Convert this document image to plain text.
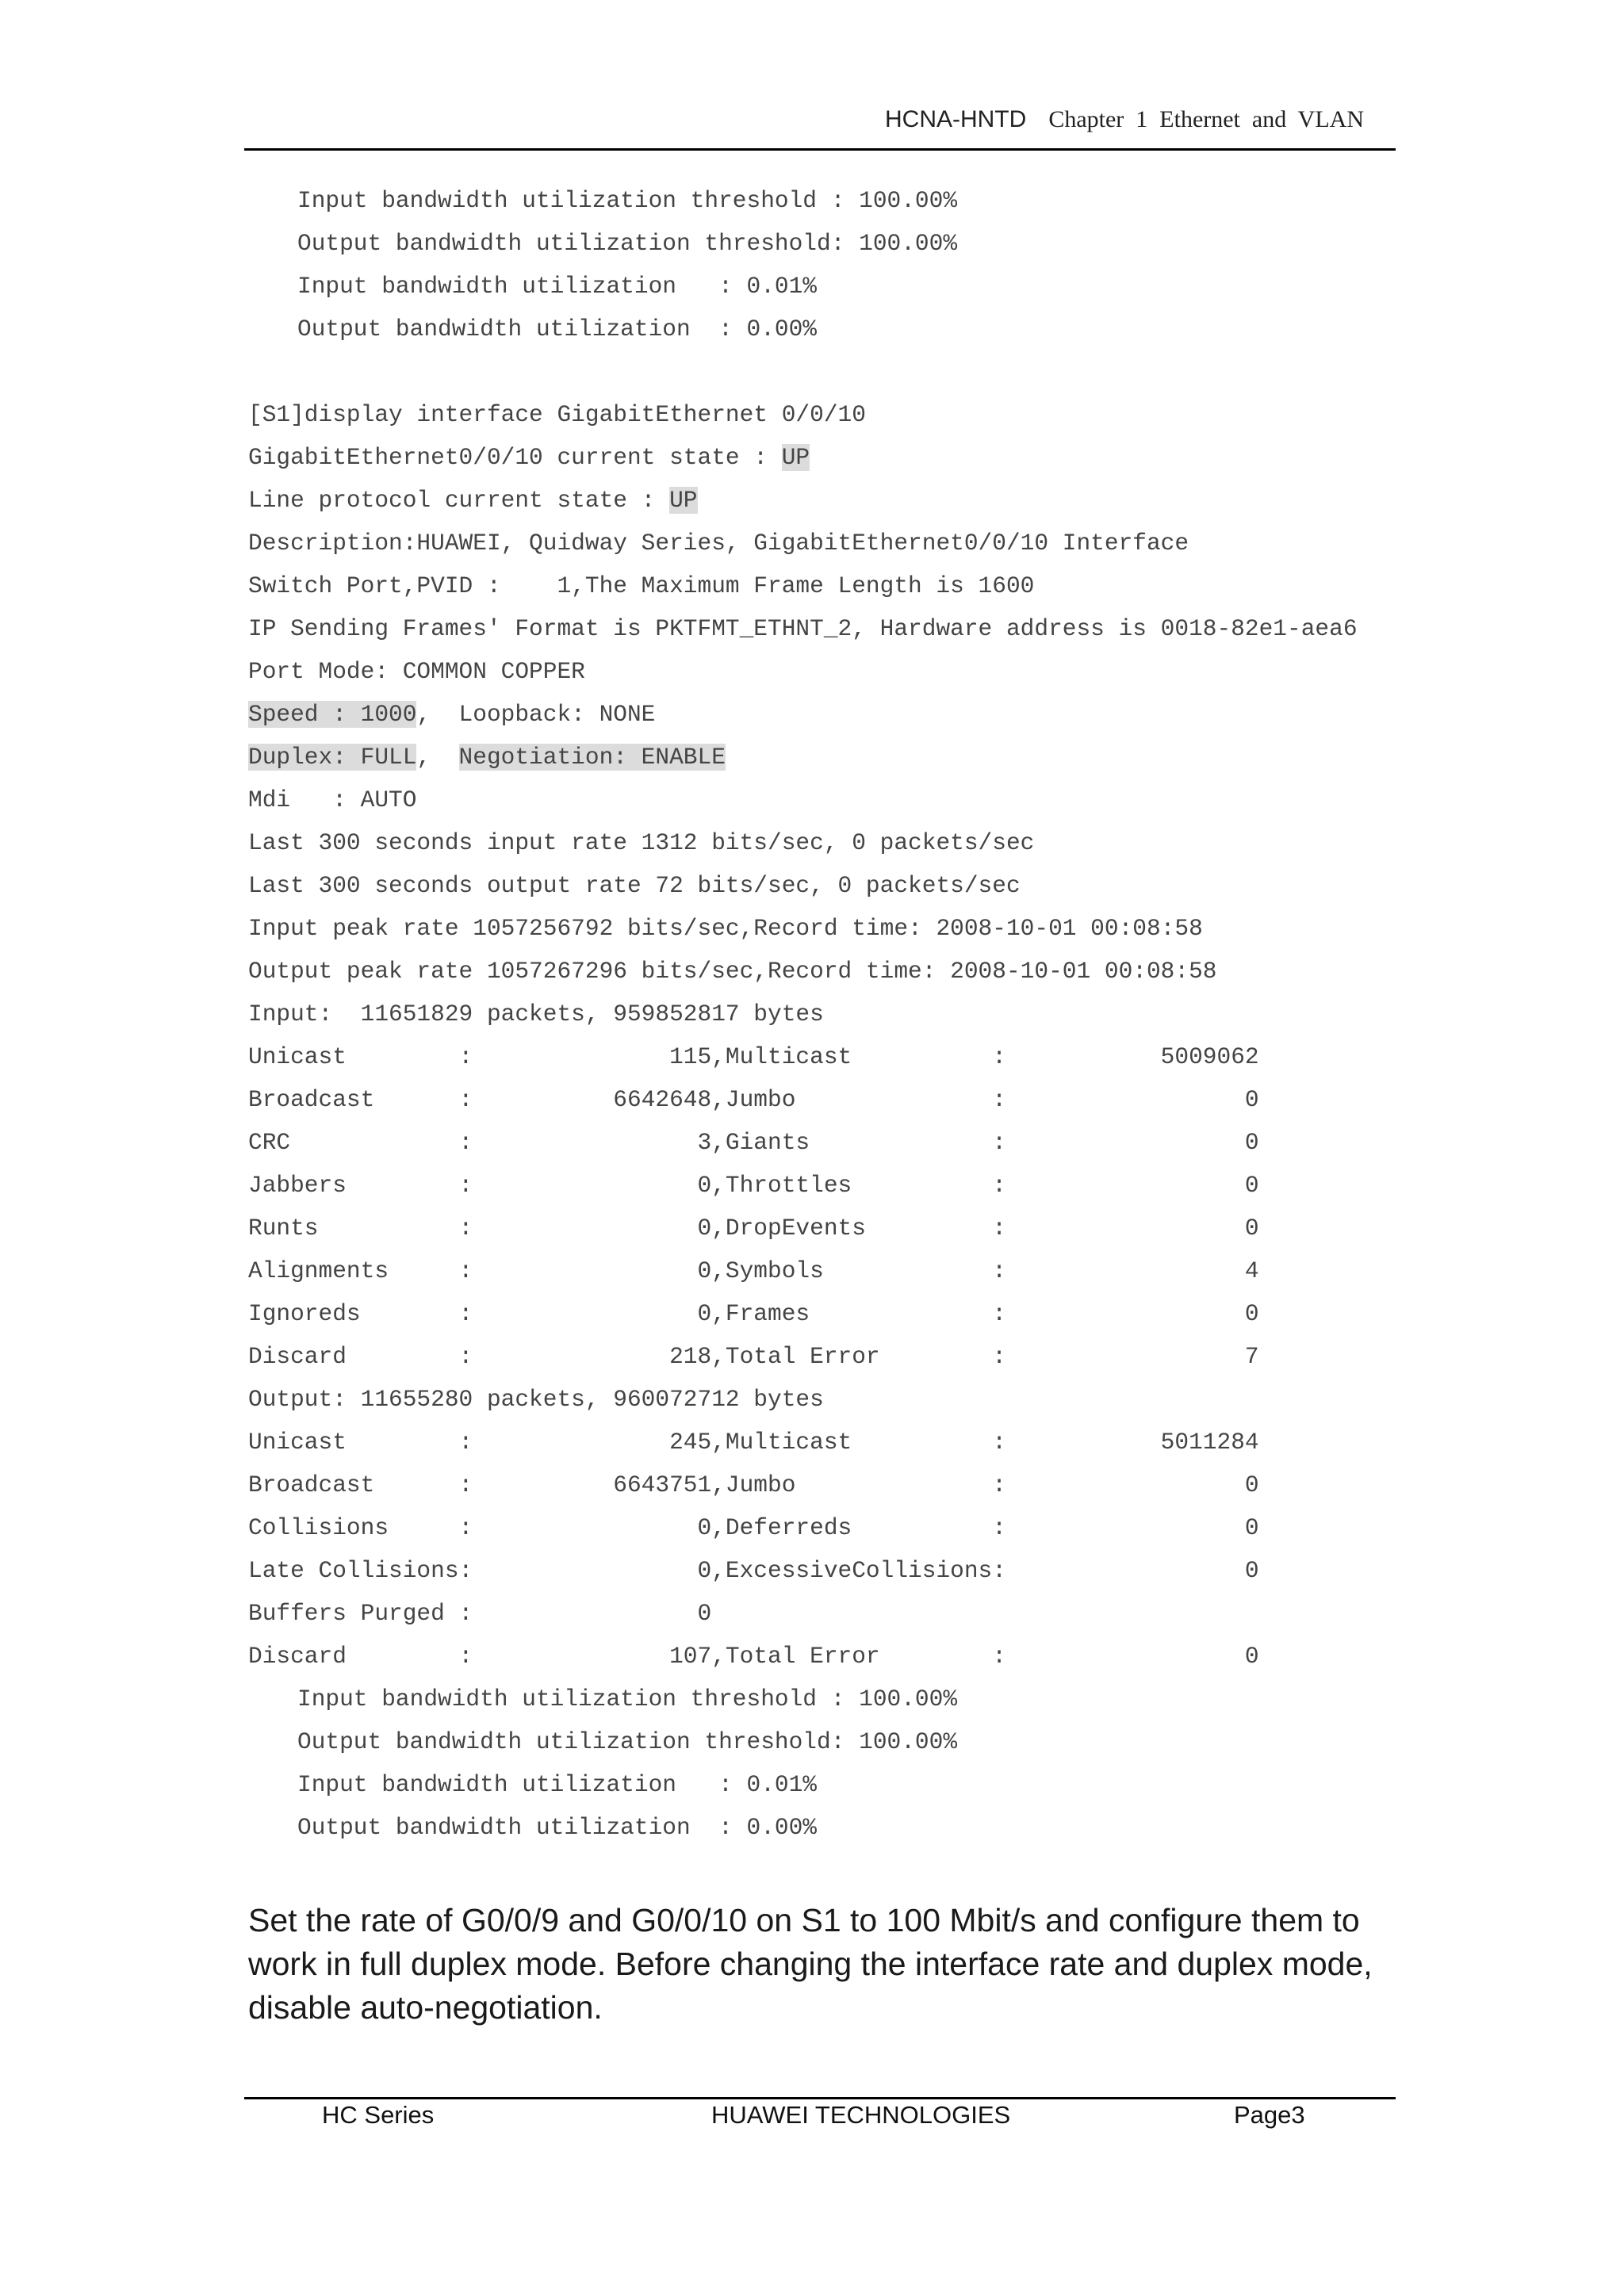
HCNA-HNTD Chapter  1  Ethernet  and  VLAN
Input bandwidth utilization threshold : 100.00%
Output bandwidth utilization threshold: 100.00%
Input bandwidth utilization   : 0.01%
Output bandwidth utilization  : 0.00%
[S1]display interface GigabitEthernet 0/0/10
GigabitEthernet0/0/10 current state : UP
Line protocol current state : UP
Description:HUAWEI, Quidway Series, GigabitEthernet0/0/10 Interface
Switch Port,PVID :    1,The Maximum Frame Length is 1600
IP Sending Frames' Format is PKTFMT_ETHNT_2, Hardware address is 0018-82e1-aea6
Port Mode: COMMON COPPER
Speed : 1000,  Loopback: NONE
Duplex: FULL,  Negotiation: ENABLE
Mdi   : AUTO
Last 300 seconds input rate 1312 bits/sec, 0 packets/sec
Last 300 seconds output rate 72 bits/sec, 0 packets/sec
Input peak rate 1057256792 bits/sec,Record time: 2008-10-01 00:08:58
Output peak rate 1057267296 bits/sec,Record time: 2008-10-01 00:08:58
Input:  11651829 packets, 959852817 bytes
Unicast        :              115,Multicast          :           5009062
Broadcast      :          6642648,Jumbo              :                 0
CRC            :                3,Giants             :                 0
Jabbers        :                0,Throttles          :                 0
Runts          :                0,DropEvents         :                 0
Alignments     :                0,Symbols            :                 4
Ignoreds       :                0,Frames             :                 0
Discard        :              218,Total Error        :                 7
Output: 11655280 packets, 960072712 bytes
Unicast        :              245,Multicast          :           5011284
Broadcast      :          6643751,Jumbo              :                 0
Collisions     :                0,Deferreds          :                 0
Late Collisions:                0,ExcessiveCollisions:                 0
Buffers Purged :                0
Discard        :              107,Total Error        :                 0
Input bandwidth utilization threshold : 100.00%
Output bandwidth utilization threshold: 100.00%
Input bandwidth utilization   : 0.01%
Output bandwidth utilization  : 0.00%
Set the rate of G0/0/9 and G0/0/10 on S1 to 100 Mbit/s and configure them to work in full duplex mode. Before changing the interface rate and duplex mode, disable auto-negotiation.
HC Series	HUAWEI TECHNOLOGIES	Page3
